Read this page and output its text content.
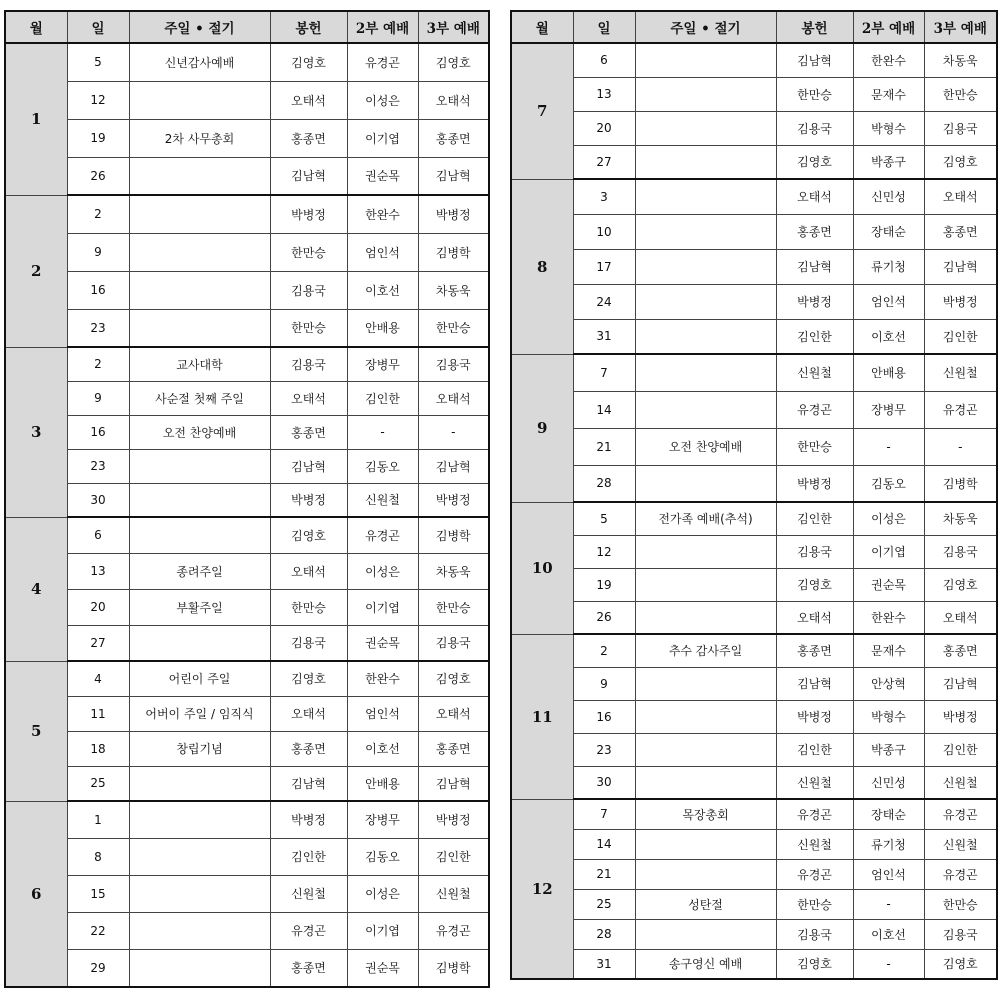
월	일	주일 • 절기	봉헌	2부 예배	3부 예배
1	5	신년감사예배	김영호	유경곤	김영호
	12		오태석	이성은	오태석
	19	2차 사무총회	홍종면	이기엽	홍종면
	26		김남혁	권순목	김남혁
2	2		박병정	한완수	박병정
	9		한만승	엄인석	김병학
	16		김용국	이호선	차동욱
	23		한만승	안배용	한만승
3	2	교사대학	김용국	장병무	김용국
	9	사순절 첫째 주일	오태석	김인한	오태석
	16	오전 찬양예배	홍종면	-	-
	23		김남혁	김동오	김남혁
	30		박병정	신원철	박병정
4	6		김영호	유경곤	김병학
	13	종려주일	오태석	이성은	차동욱
	20	부활주일	한만승	이기엽	한만승
	27		김용국	권순목	김용국
5	4	어린이 주일	김영호	한완수	김영호
	11	어버이 주일 / 임직식	오태석	엄인석	오태석
	18	창립기념	홍종면	이호선	홍종면
	25		김남혁	안배용	김남혁
6	1		박병정	장병무	박병정
	8		김인한	김동오	김인한
	15		신원철	이성은	신원철
	22		유경곤	이기엽	유경곤
	29		홍종면	권순목	김병학
월	일	주일 • 절기	봉헌	2부 예배	3부 예배
7	6		김남혁	한완수	차동욱
	13		한만승	문재수	한만승
	20		김용국	박형수	김용국
	27		김영호	박종구	김영호
8	3		오태석	신민성	오태석
	10		홍종면	장태순	홍종면
	17		김남혁	류기청	김남혁
	24		박병정	엄인석	박병정
	31		김인한	이호선	김인한
9	7		신원철	안배용	신원철
	14		유경곤	장병무	유경곤
	21	오전 찬양예배	한만승	-	-
	28		박병정	김동오	김병학
10	5	전가족 예배(추석)	김인한	이성은	차동욱
	12		김용국	이기엽	김용국
	19		김영호	권순목	김영호
	26		오태석	한완수	오태석
11	2	추수 감사주일	홍종면	문재수	홍종면
	9		김남혁	안상혁	김남혁
	16		박병정	박형수	박병정
	23		김인한	박종구	김인한
	30		신원철	신민성	신원철
12	7	목장총회	유경곤	장태순	유경곤
	14		신원철	류기청	신원철
	21		유경곤	엄인석	유경곤
	25	성탄절	한만승	-	한만승
	28		김용국	이호선	김용국
	31	송구영신 예배	김영호	-	김영호
